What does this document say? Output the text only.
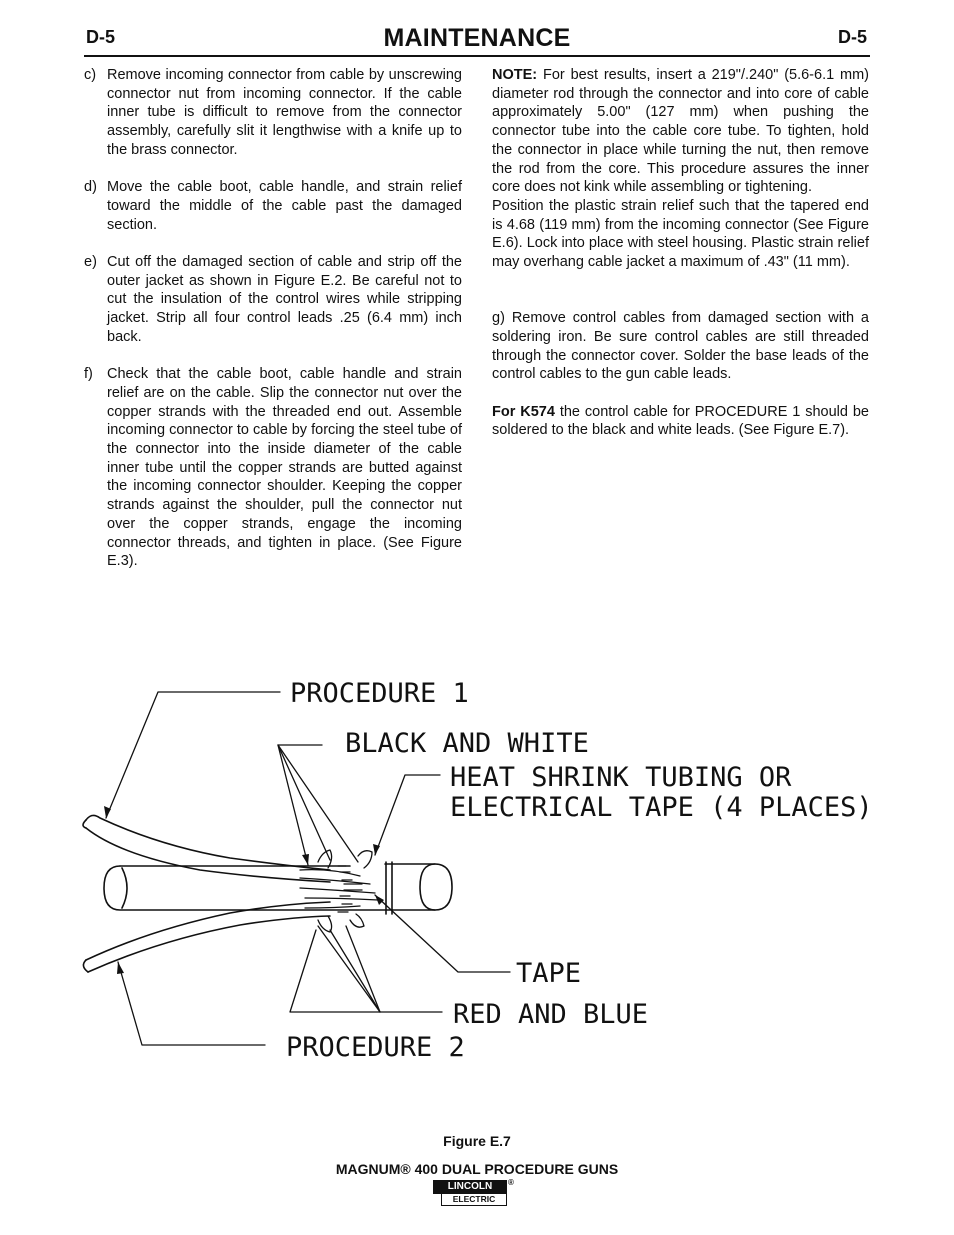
D-5	MAINTENANCE	D-5
c) Remove incoming connector from cable by unscrewing connector nut from incoming connector. If the cable inner tube is difficult to remove from the connector assembly, carefully slit it lengthwise with a knife up to the brass connector.
d) Move the cable boot, cable handle, and strain relief toward the middle of the cable past the damaged section.
e) Cut off the damaged section of cable and strip off the outer jacket as shown in Figure E.2. Be careful not to cut the insulation of the control wires while stripping jacket. Strip all four control leads .25 (6.4 mm) inch back.
f) Check that the cable boot, cable handle and strain relief are on the cable. Slip the connector nut over the copper strands with the threaded end out. Assemble incoming connector to cable by forcing the steel tube of the connector into the inside diameter of the cable inner tube until the copper strands are butted against the incoming connector shoulder. Keeping the copper strands against the shoulder, pull the connector nut over the copper strands, engage the incoming connector threads, and tighten in place. (See Figure E.3).

NOTE: For best results, insert a 219"/.240" (5.6-6.1 mm) diameter rod through the connector and into core of cable approximately 5.00" (127 mm) when pushing the connector tube into the cable core tube. To tighten, hold the connector in place while turning the nut, then remove the rod from the core. This procedure assures the inner core does not kink while assembling or tightening.

Position the plastic strain relief such that the tapered end is 4.68 (119 mm) from the incoming connector (See Figure E.6). Lock into place with steel housing. Plastic strain relief may overhang cable jacket a maximum of .43" (11 mm).

g) Remove control cables from damaged section with a soldering iron. Be sure control cables are still threaded through the connector cover. Solder the base leads of the control cables to the gun cable leads.

For K574 the control cable for PROCEDURE 1 should be soldered to the black and white leads. (See Figure E.7).

PROCEDURE 1
BLACK AND WHITE
HEAT SHRINK TUBING OR
ELECTRICAL TAPE (4 PLACES)
TAPE
RED AND BLUE
PROCEDURE 2
Figure E.7
MAGNUM® 400 DUAL PROCEDURE GUNS
LINCOLN
ELECTRIC
®
